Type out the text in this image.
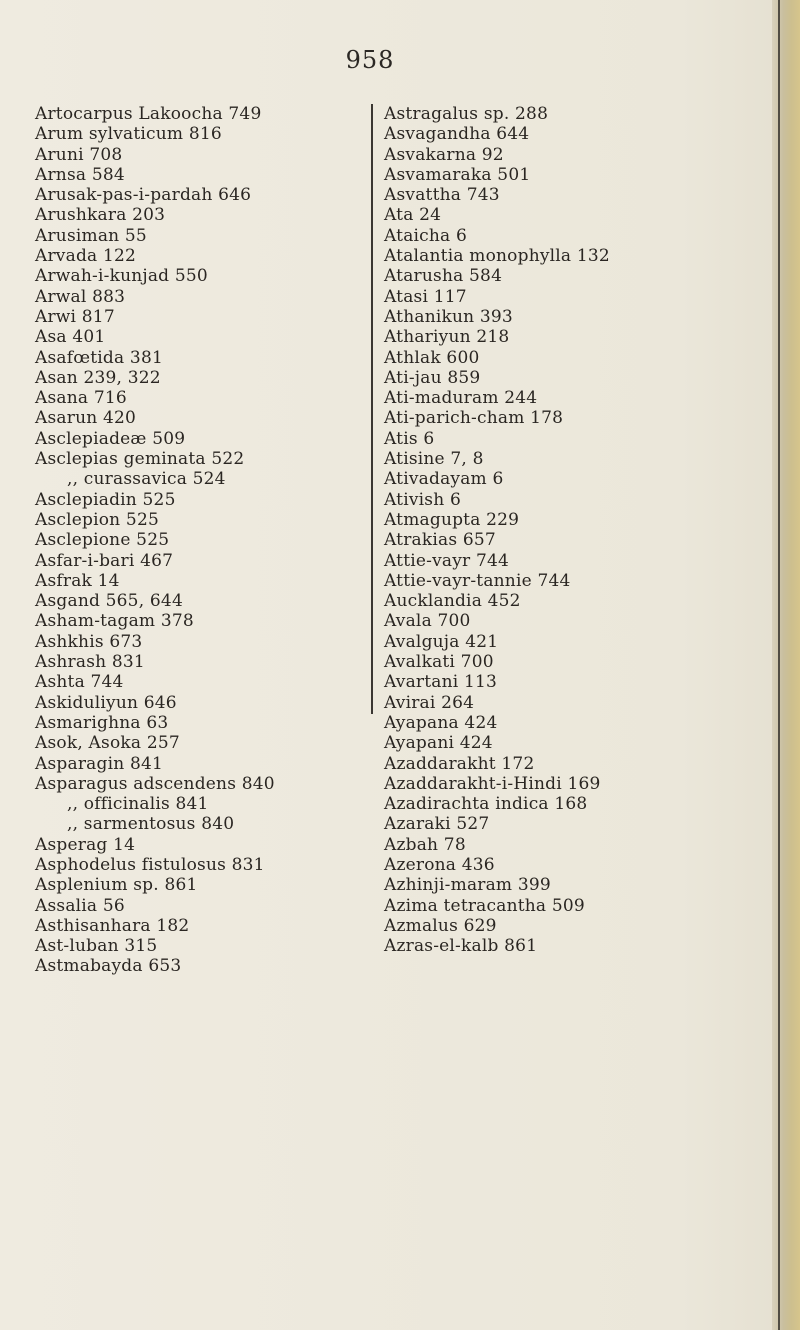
958
Artocarpus Lakoocha 749
Arum sylvaticum 816
Aruni 708
Arnsa 584
Arusak-pas-i-pardah 646
Arushkara 203
Arusiman 55
Arvada 122
Arwah-i-kunjad 550
Arwal 883
Arwi 817
Asa 401
Asafœtida 381
Asan 239, 322
Asana 716
Asarun 420
Asclepiadeæ 509
Asclepias geminata 522
,, curassavica 524
Asclepiadin 525
Asclepion 525
Asclepione 525
Asfar-i-bari 467
Asfrak 14
Asgand 565, 644
Asham-tagam 378
Ashkhis 673
Ashrash 831
Ashta 744
Askiduliyun 646
Asmarighna 63
Asok, Asoka 257
Asparagin 841
Asparagus adscendens 840
,, officinalis 841
,, sarmentosus 840
Asperag 14
Asphodelus fistulosus 831
Asplenium sp. 861
Assalia 56
Asthisanhara 182
Ast-luban 315
Astmabayda 653
Astragalus sp. 288
Asvagandha 644
Asvakarna 92
Asvamaraka 501
Asvattha 743
Ata 24
Ataicha 6
Atalantia monophylla 132
Atarusha 584
Atasi 117
Athanikun 393
Athariyun 218
Athlak 600
Ati-jau 859
Ati-maduram 244
Ati-parich-cham 178
Atis 6
Atisine 7, 8
Ativadayam 6
Ativish 6
Atmagupta 229
Atrakias 657
Attie-vayr 744
Attie-vayr-tannie 744
Aucklandia 452
Avala 700
Avalguja 421
Avalkati 700
Avartani 113
Avirai 264
Ayapana 424
Ayapani 424
Azaddarakht 172
Azaddarakht-i-Hindi 169
Azadirachta indica 168
Azaraki 527
Azbah 78
Azerona 436
Azhinji-maram 399
Azima tetracantha 509
Azmalus 629
Azras-el-kalb 861
